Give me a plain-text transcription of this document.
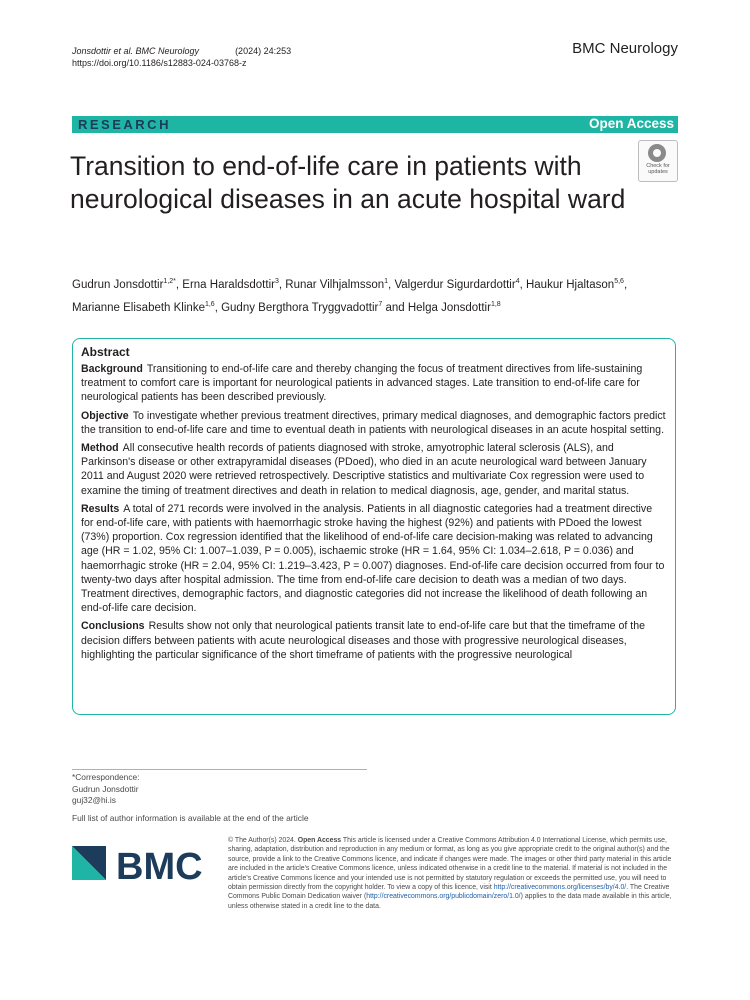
Jonsdottir et al. BMC Neurology	(2024) 24:253
https://doi.org/10.1186/s12883-024-03768-z
BMC Neurology
RESEARCH	Open Access
Transition to end-of-life care in patients with neurological diseases in an acute hospital ward
Check for
updates
Gudrun Jonsdottir$^{1,2*}$, Erna Haraldsdottir$^3$, Runar Vilhjalmsson$^1$, Valgerdur Sigurdardottir$^4$, Haukur Hjaltason$^{5,6}$,
Marianne Elisabeth Klinke$^{1,6}$, Gudny Bergthora Tryggvadottir$^7$ and Helga Jonsdottir$^{1,8}$
Abstract

Background Transitioning to end-of-life care and thereby changing the focus of treatment directives from life-sustaining treatment to comfort care is important for neurological patients in advanced stages. Late transition to end-of-life care for neurological patients has been described previously.

Objective To investigate whether previous treatment directives, primary medical diagnoses, and demographic factors predict the transition to end-of-life care and time to eventual death in patients with neurological diseases in an acute hospital setting.

Method All consecutive health records of patients diagnosed with stroke, amyotrophic lateral sclerosis (ALS), and Parkinson's disease or other extrapyramidal diseases (PDoed), who died in an acute neurological ward between January 2011 and August 2020 were retrieved retrospectively. Descriptive statistics and multivariate Cox regression were used to examine the timing of treatment directives and death in relation to medical diagnosis, age, gender, and marital status.

Results A total of 271 records were involved in the analysis. Patients in all diagnostic categories had a treatment directive for end-of-life care, with patients with haemorrhagic stroke having the highest (92%) and patients with PDoed the lowest (73%) proportion. Cox regression identified that the likelihood of end-of-life care decision-making was related to advancing age (HR = 1.02, 95% CI: 1.007–1.039, P = 0.005), ischaemic stroke (HR = 1.64, 95% CI: 1.034–2.618, P = 0.036) and haemorrhagic stroke (HR = 2.04, 95% CI: 1.219–3.423, P = 0.007) diagnoses. End-of-life care decision occurred from four to twenty-two days after hospital admission. The time from end-of-life care decision to death was a median of two days. Treatment directives, demographic factors, and diagnostic categories did not increase the likelihood of death following an end-of-life care decision.

Conclusions Results show not only that neurological patients transit late to end-of-life care but that the timeframe of the decision differs between patients with acute neurological diseases and those with progressive neurological diseases, highlighting the particular significance of the short timeframe of patients with the progressive neurological

*Correspondence:
Gudrun Jonsdottir
guj32@hi.is
Full list of author information is available at the end of the article
BMC
© The Author(s) 2024. Open Access This article is licensed under a Creative Commons Attribution 4.0 International License, which permits use, sharing, adaptation, distribution and reproduction in any medium or format, as long as you give appropriate credit to the original author(s) and the source, provide a link to the Creative Commons licence, and indicate if changes were made. The images or other third party material in this article are included in the article's Creative Commons licence, unless indicated otherwise in a credit line to the material. If material is not included in the article's Creative Commons licence and your intended use is not permitted by statutory regulation or exceeds the permitted use, you will need to obtain permission directly from the copyright holder. To view a copy of this licence, visit http://creativecommons.org/licenses/by/4.0/. The Creative Commons Public Domain Dedication waiver (http://creativecommons.org/publicdomain/zero/1.0/) applies to the data made available in this article, unless otherwise stated in a credit line to the data.
